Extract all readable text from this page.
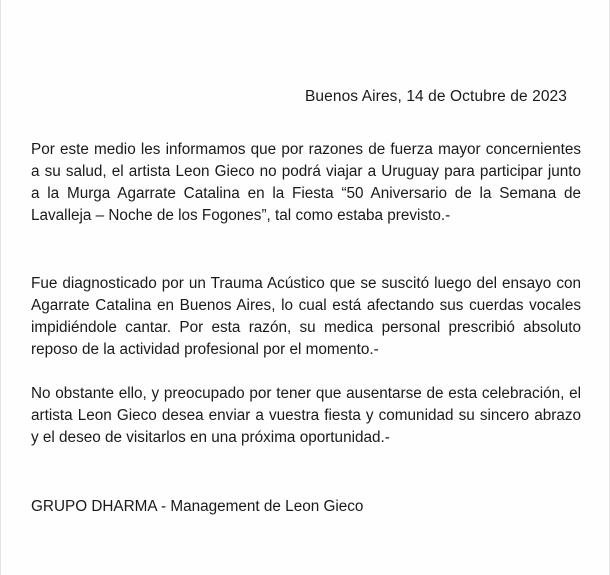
Buenos Aires, 14 de Octubre de 2023

Por este medio les informamos que por razones de fuerza mayor concernientes a su salud, el artista Leon Gieco no podrá viajar a Uruguay para participar junto a la Murga Agarrate Catalina en la Fiesta “50 Aniversario de la Semana de Lavalleja – Noche de los Fogones”, tal como estaba previsto.-

Fue diagnosticado por un Trauma Acústico que se suscitó luego del ensayo con Agarrate Catalina en Buenos Aires, lo cual está afectando sus cuerdas vocales impidiéndole cantar. Por esta razón, su medica personal prescribió absoluto reposo de la actividad profesional por el momento.-

No obstante ello, y preocupado por tener que ausentarse de esta celebración, el artista Leon Gieco desea enviar a vuestra fiesta y comunidad su sincero abrazo y el deseo de visitarlos en una próxima oportunidad.-

GRUPO DHARMA - Management de Leon Gieco
